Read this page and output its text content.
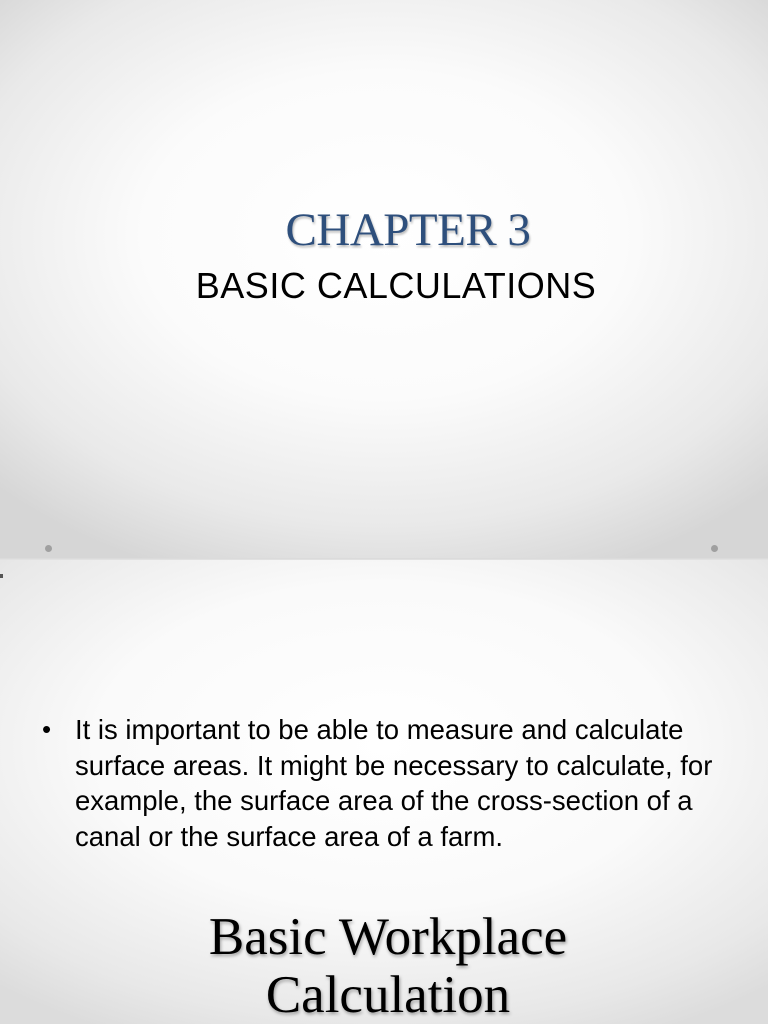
CHAPTER 3
BASIC CALCULATIONS
• It is important to be able to measure and calculate surface areas. It might be necessary to calculate, for example, the surface area of the cross-section of a canal or the surface area of a farm.
Basic Workplace
Calculation
